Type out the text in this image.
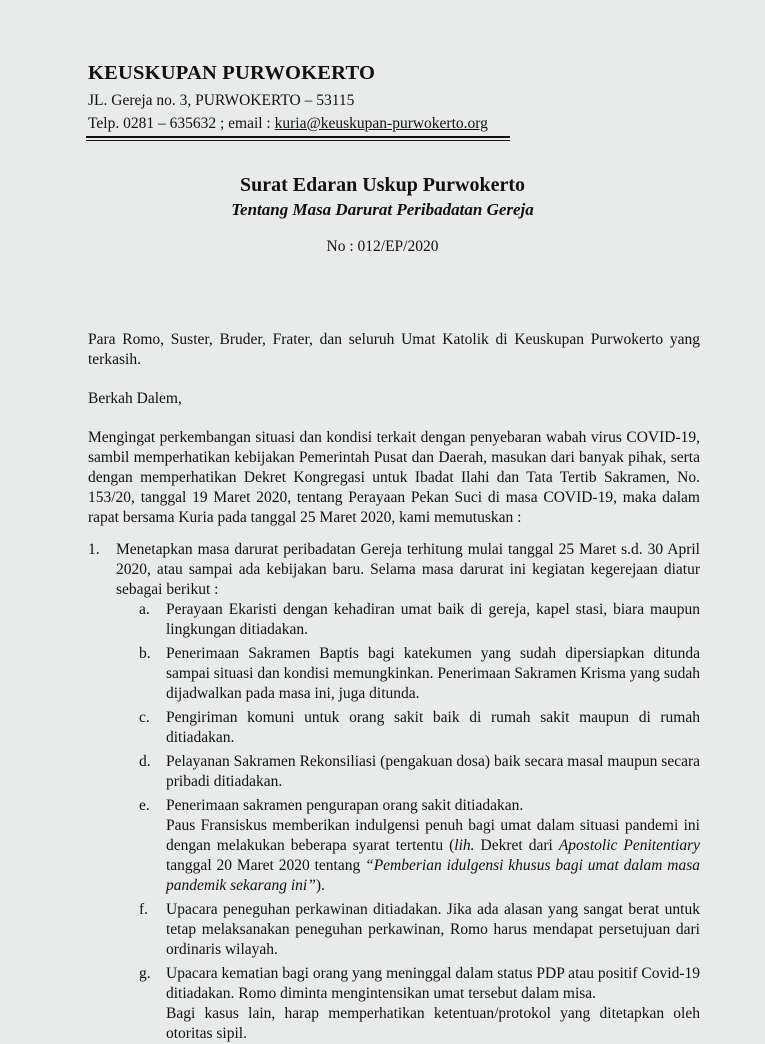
KEUSKUPAN PURWOKERTO
JL. Gereja no. 3, PURWOKERTO – 53115
Telp. 0281 – 635632 ; email : kuria@keuskupan-purwokerto.org
Surat Edaran Uskup Purwokerto
Tentang Masa Darurat Peribadatan Gereja
No : 012/EP/2020
Para Romo, Suster, Bruder, Frater, dan seluruh Umat Katolik di Keuskupan Purwokerto yang terkasih.
Berkah Dalem,
Mengingat perkembangan situasi dan kondisi terkait dengan penyebaran wabah virus COVID-19, sambil memperhatikan kebijakan Pemerintah Pusat dan Daerah, masukan dari banyak pihak, serta dengan memperhatikan Dekret Kongregasi untuk Ibadat Ilahi dan Tata Tertib Sakramen, No. 153/20, tanggal 19 Maret 2020, tentang Perayaan Pekan Suci di masa COVID-19, maka dalam rapat bersama Kuria pada tanggal 25 Maret 2020, kami memutuskan :
1.	Menetapkan masa darurat peribadatan Gereja terhitung mulai tanggal 25 Maret s.d. 30 April 2020, atau sampai ada kebijakan baru. Selama masa darurat ini kegiatan kegerejaan diatur sebagai berikut :
a.	Perayaan Ekaristi dengan kehadiran umat baik di gereja, kapel stasi, biara maupun lingkungan ditiadakan.
b. Penerimaan Sakramen Baptis bagi katekumen yang sudah dipersiapkan ditunda sampai situasi dan kondisi memungkinkan. Penerimaan Sakramen Krisma yang sudah dijadwalkan pada masa ini, juga ditunda.
c.	Pengiriman komuni untuk orang sakit baik di rumah sakit maupun di rumah ditiadakan.
d. Pelayanan Sakramen Rekonsiliasi (pengakuan dosa) baik secara masal maupun secara pribadi ditiadakan.
e.	Penerimaan sakramen pengurapan orang sakit ditiadakan.
Paus Fransiskus memberikan indulgensi penuh bagi umat dalam situasi pandemi ini dengan melakukan beberapa syarat tertentu (lih. Dekret dari Apostolic Penitentiary tanggal 20 Maret 2020 tentang “Pemberian idulgensi khusus bagi umat dalam masa pandemik sekarang ini”).
f.	Upacara peneguhan perkawinan ditiadakan. Jika ada alasan yang sangat berat untuk tetap melaksanakan peneguhan perkawinan, Romo harus mendapat persetujuan dari ordinaris wilayah.
g. Upacara kematian bagi orang yang meninggal dalam status PDP atau positif Covid-19 ditiadakan. Romo diminta mengintensikan umat tersebut dalam misa.
Bagi kasus lain, harap memperhatikan ketentuan/protokol yang ditetapkan oleh otoritas sipil.
